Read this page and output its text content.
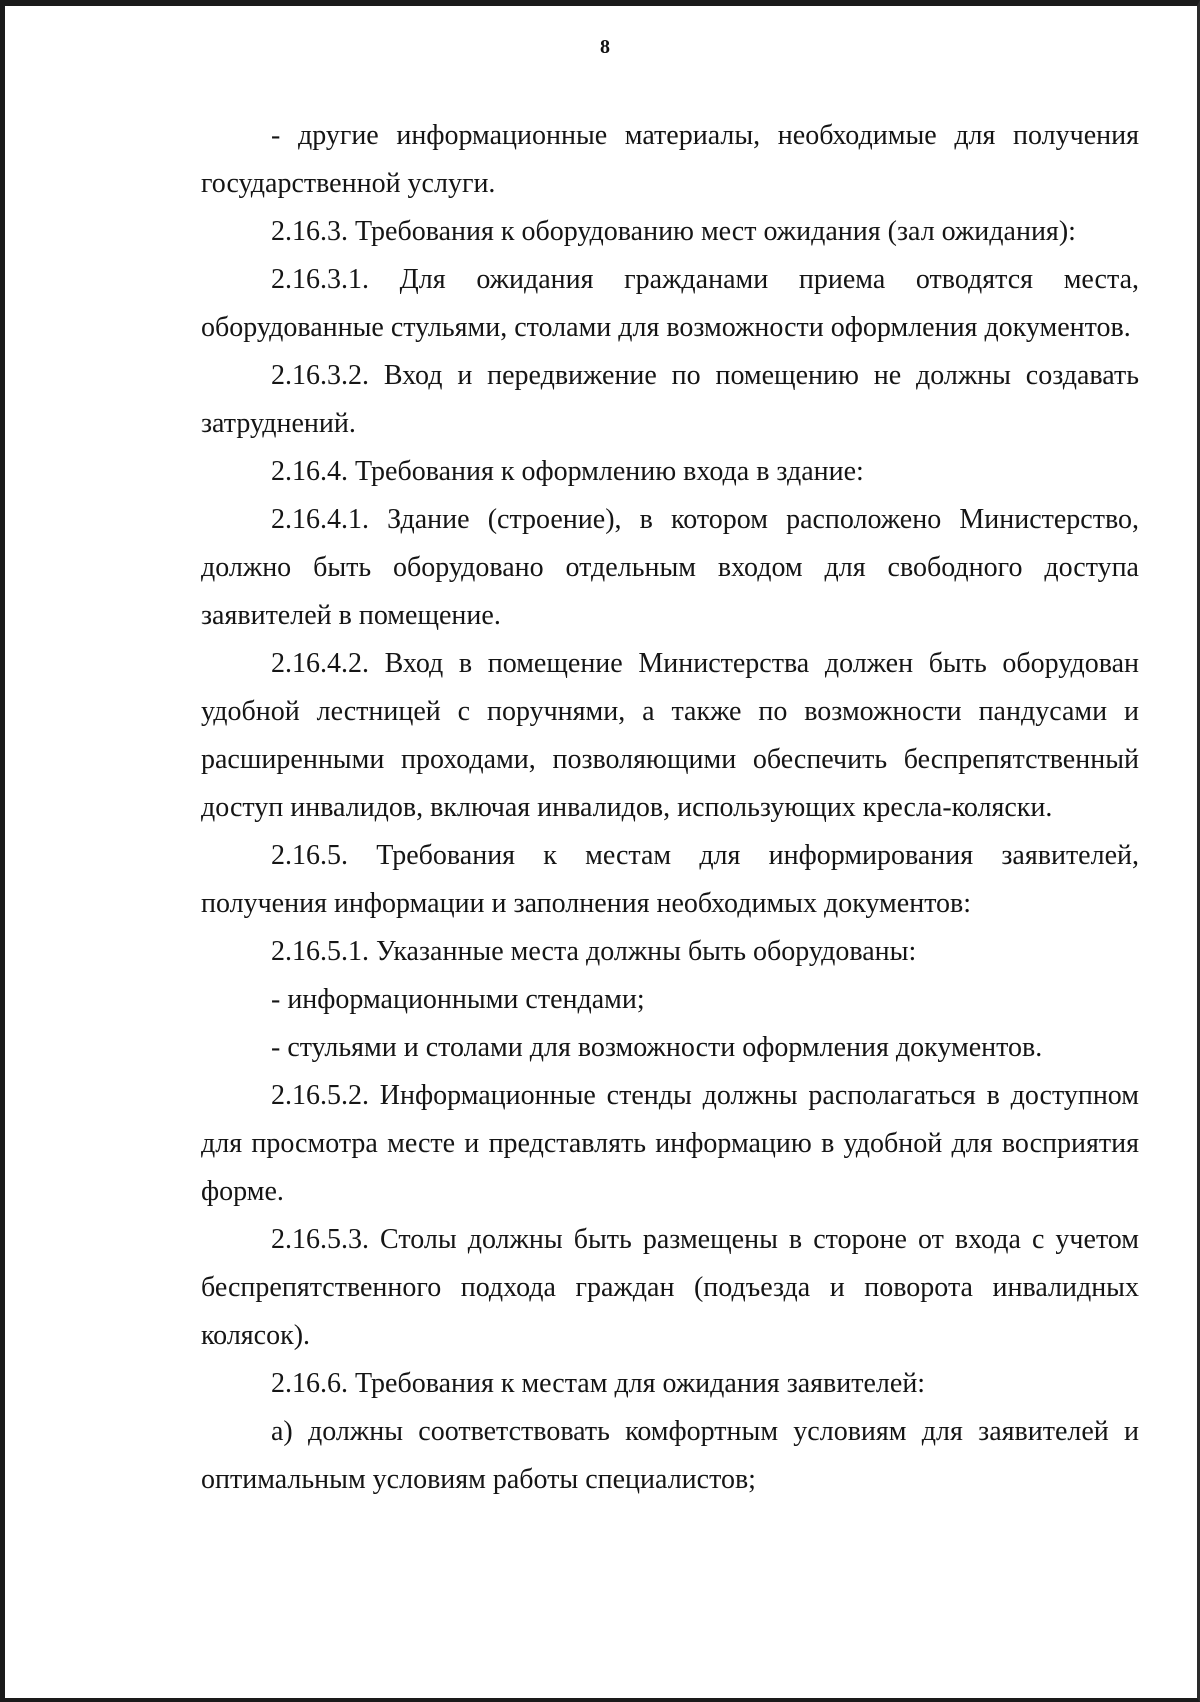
8

- другие информационные материалы, необходимые для получения государственной услуги.

2.16.3. Требования к оборудованию мест ожидания (зал ожидания):

2.16.3.1. Для ожидания гражданами приема отводятся места, оборудованные стульями, столами для возможности оформления документов.

2.16.3.2. Вход и передвижение по помещению не должны создавать затруднений.

2.16.4. Требования к оформлению входа в здание:

2.16.4.1. Здание (строение), в котором расположено Министерство, должно быть оборудовано отдельным входом для свободного доступа заявителей в помещение.

2.16.4.2. Вход в помещение Министерства должен быть оборудован удобной лестницей с поручнями, а также по возможности пандусами и расширенными проходами, позволяющими обеспечить беспрепятственный доступ инвалидов, включая инвалидов, использующих кресла-коляски.

2.16.5. Требования к местам для информирования заявителей, получения информации и заполнения необходимых документов:

2.16.5.1. Указанные места должны быть оборудованы:

- информационными стендами;

- стульями и столами для возможности оформления документов.

2.16.5.2. Информационные стенды должны располагаться в доступном для просмотра месте и представлять информацию в удобной для восприятия форме.

2.16.5.3. Столы должны быть размещены в стороне от входа с учетом беспрепятственного подхода граждан (подъезда и поворота инвалидных колясок).

2.16.6. Требования к местам для ожидания заявителей:

а) должны соответствовать комфортным условиям для заявителей и оптимальным условиям работы специалистов;
